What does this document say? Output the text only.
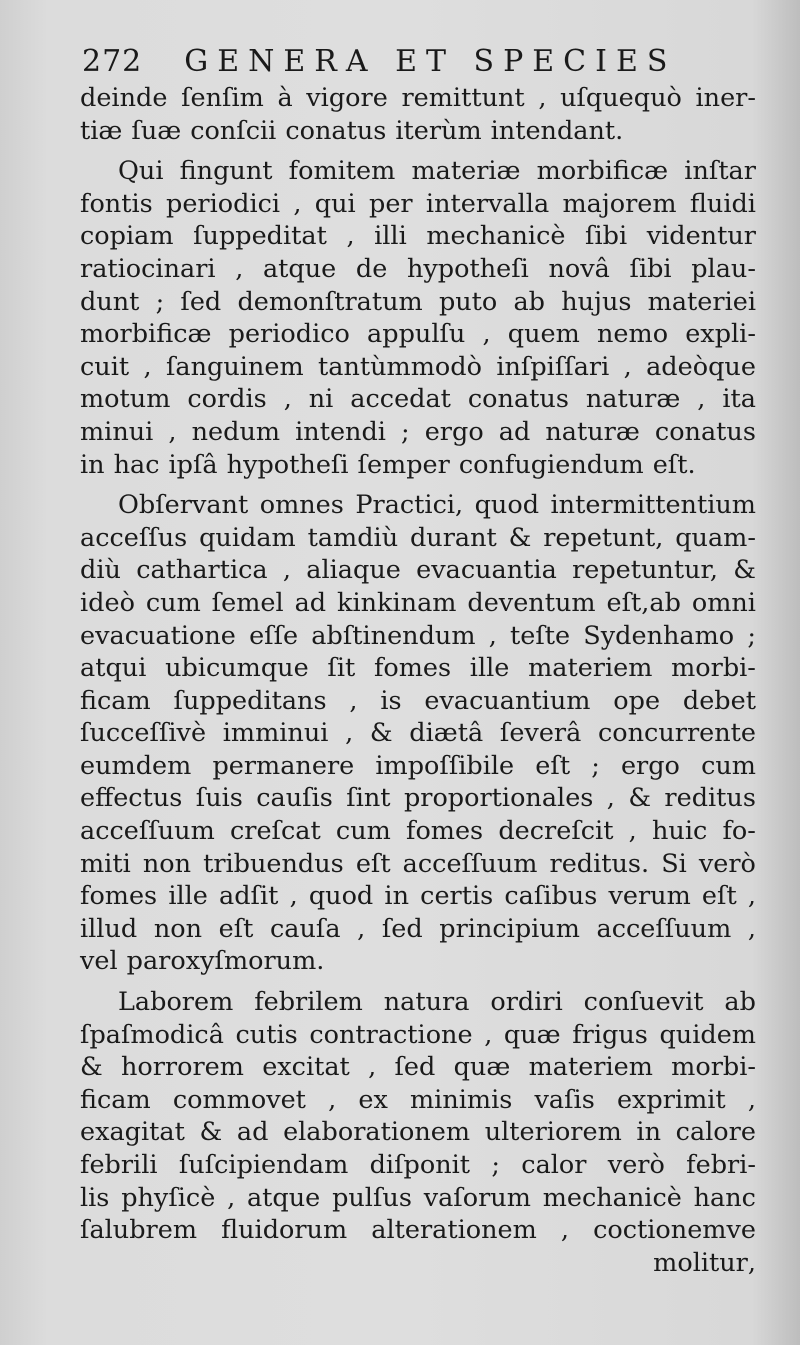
272 GENERA ET SPECIES
deinde ſenſim à vigore remittunt , uſquequò iner-
tiæ ſuæ conſcii conatus iterùm intendant.
Qui fingunt fomitem materiæ morbificæ inſtar
fontis periodici , qui per intervalla majorem fluidi
copiam ſuppeditat , illi mechanicè ſibi videntur
ratiocinari , atque de hypotheſi novâ ſibi plau-
dunt ; ſed demonſtratum puto ab hujus materiei
morbificæ periodico appulſu , quem nemo expli-
cuit , ſanguinem tantùmmodò inſpiſſari , adeòque
motum cordis , ni accedat conatus naturæ , ita
minui , nedum intendi ; ergo ad naturæ conatus
in hac ipſâ hypotheſi ſemper confugiendum eſt.
Obſervant omnes Practici, quod intermittentium
acceſſus quidam tamdiù durant & repetunt, quam-
diù cathartica , aliaque evacuantia repetuntur, &
ideò cum ſemel ad kinkinam deventum eſt,ab omni
evacuatione eſſe abſtinendum , teſte Sydenhamo ;
atqui ubicumque ſit fomes ille materiem morbi-
ficam ſuppeditans , is evacuantium ope debet
ſucceſſivè imminui , & diætâ ſeverâ concurrente
eumdem permanere impoſſibile eſt ; ergo cum
effectus ſuis cauſis ſint proportionales , & reditus
acceſſuum creſcat cum fomes decreſcit , huic fo-
miti non tribuendus eſt acceſſuum reditus. Si verò
fomes ille adſit , quod in certis caſibus verum eſt ,
illud non eſt cauſa , ſed principium acceſſuum ,
vel paroxyſmorum.
Laborem febrilem natura ordiri conſuevit ab
ſpaſmodicâ cutis contractione , quæ frigus quidem
& horrorem excitat , ſed quæ materiem morbi-
ficam commovet , ex minimis vaſis exprimit ,
exagitat & ad elaborationem ulteriorem in calore
febrili ſuſcipiendam diſponit ; calor verò febri-
lis phyſicè , atque pulſus vaſorum mechanicè hanc
ſalubrem fluidorum alterationem , coctionemve
molitur ,
